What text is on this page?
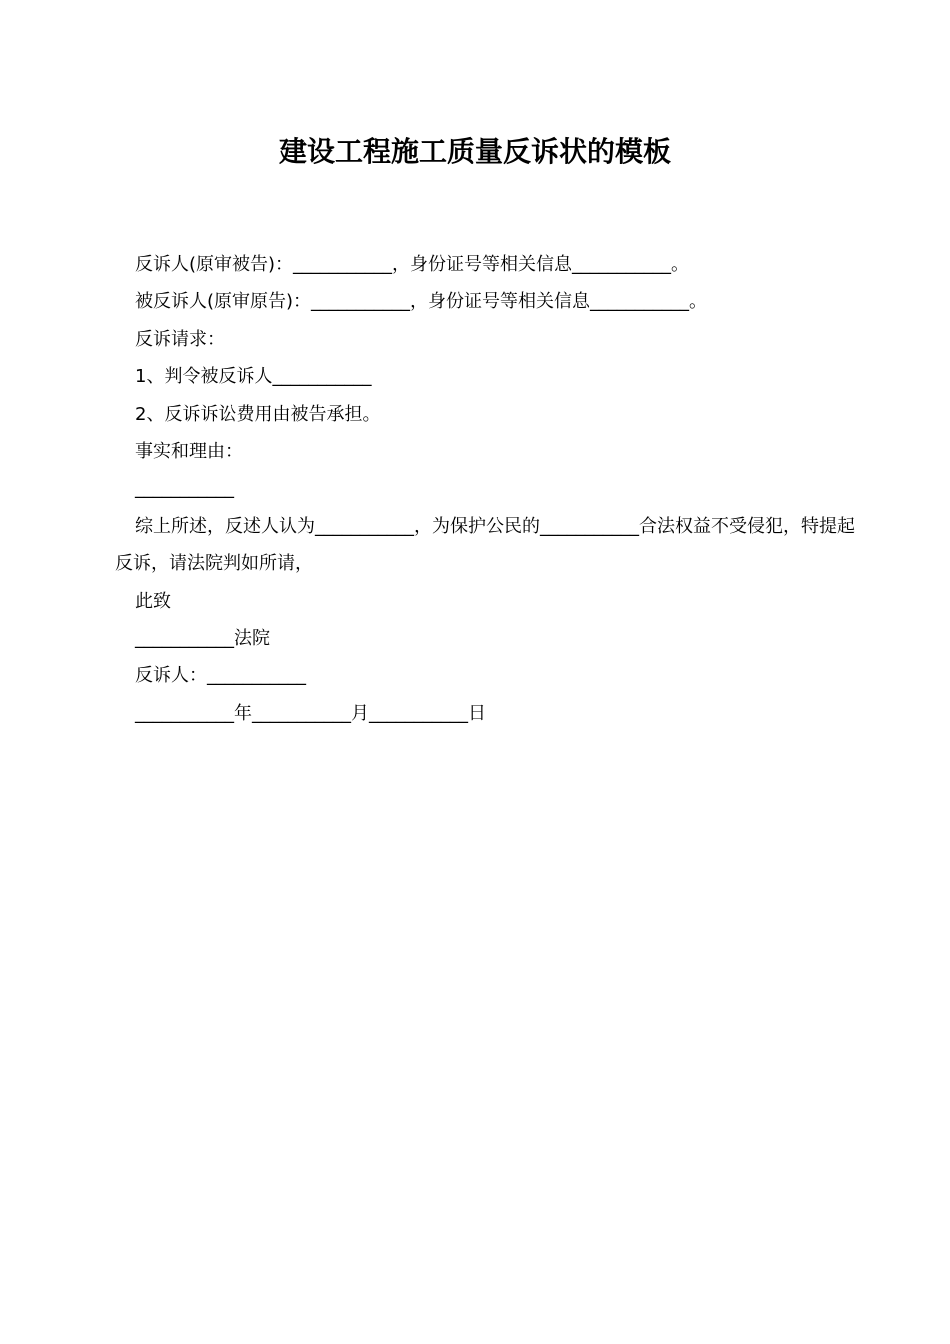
建设工程施工质量反诉状的模板
反诉人(原审被告)：___________，身份证号等相关信息___________。
被反诉人(原审原告)：___________，身份证号等相关信息___________。
反诉请求：
1、判令被反诉人___________
2、反诉诉讼费用由被告承担。
事实和理由：
___________
综上所述，反述人认为___________，为保护公民的___________合法权益不受侵犯，特提起反诉，请法院判如所请，
此致
___________法院
反诉人：___________
___________年___________月___________日
